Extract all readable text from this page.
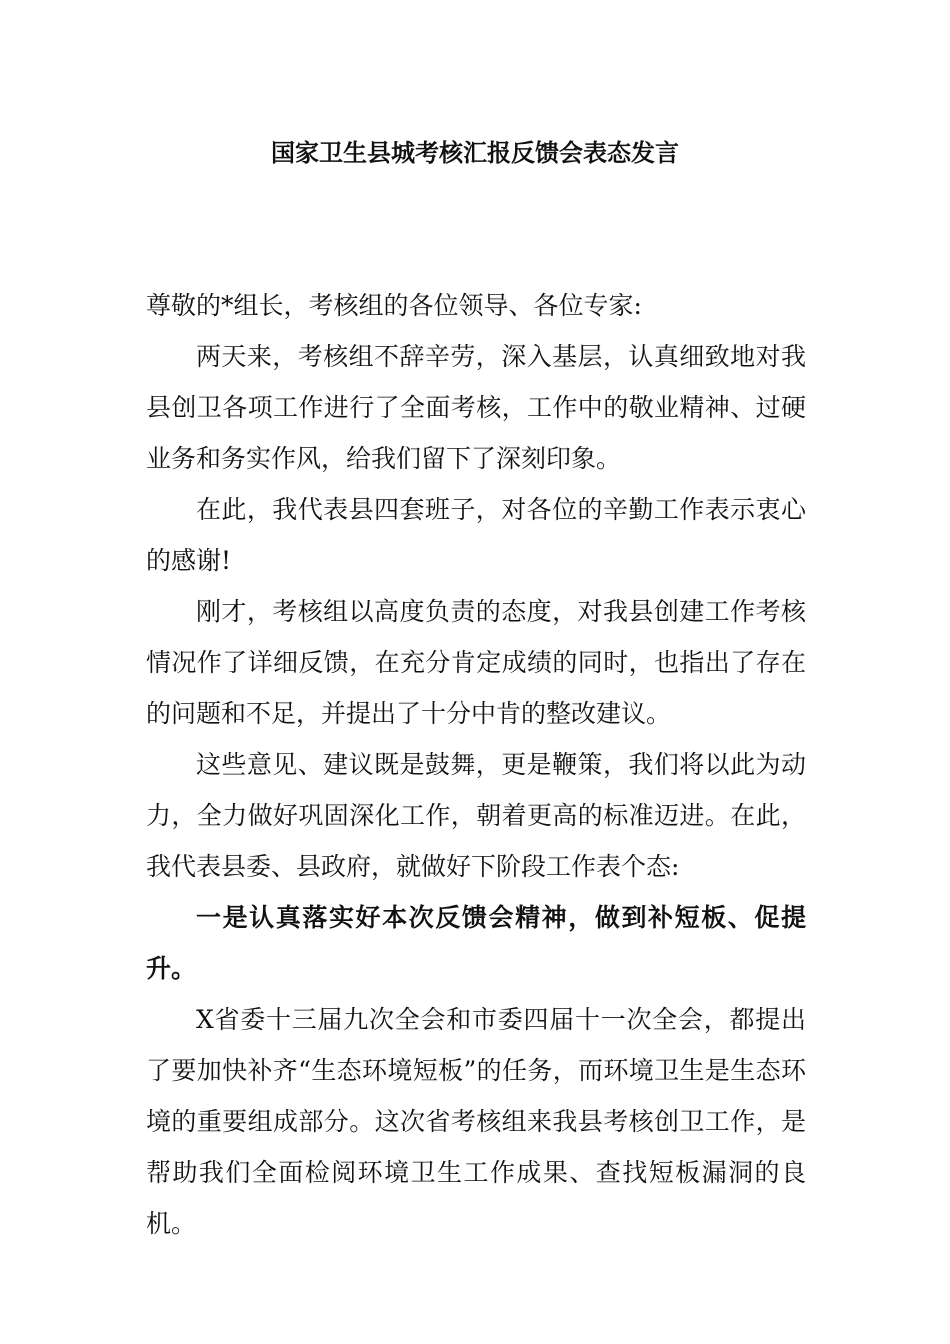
国家卫生县城考核汇报反馈会表态发言

尊敬的*组长，考核组的各位领导、各位专家:

两天来，考核组不辞辛劳，深入基层，认真细致地对我县创卫各项工作进行了全面考核，工作中的敬业精神、过硬业务和务实作风，给我们留下了深刻印象。

在此，我代表县四套班子，对各位的辛勤工作表示衷心的感谢!

刚才，考核组以高度负责的态度，对我县创建工作考核情况作了详细反馈，在充分肯定成绩的同时，也指出了存在的问题和不足，并提出了十分中肯的整改建议。

这些意见、建议既是鼓舞，更是鞭策，我们将以此为动力，全力做好巩固深化工作，朝着更高的标准迈进。在此，我代表县委、县政府，就做好下阶段工作表个态:

一是认真落实好本次反馈会精神，做到补短板、促提升。

X省委十三届九次全会和市委四届十一次全会，都提出了要加快补齐“生态环境短板”的任务，而环境卫生是生态环境的重要组成部分。这次省考核组来我县考核创卫工作，是帮助我们全面检阅环境卫生工作成果、查找短板漏洞的良机。
